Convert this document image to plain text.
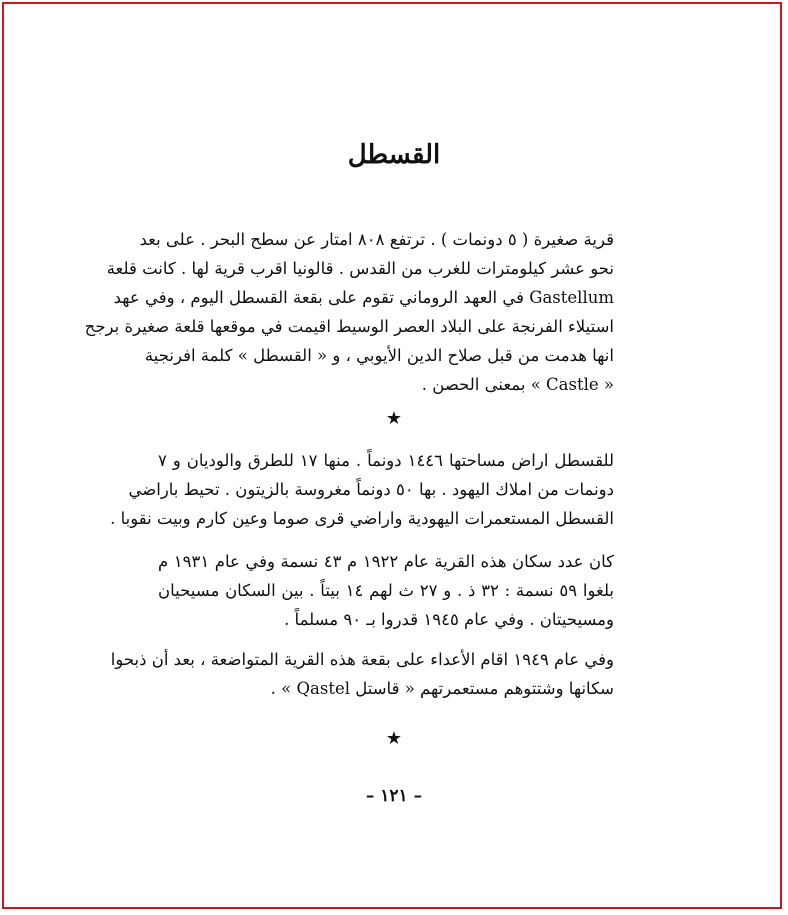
القسطل
قرية صغيرة ( ٥ دونمات ) . ترتفع ٨٠٨ امتار عن سطح البحر . على بعد
نحو عشر كيلومترات للغرب من القدس . قالونيا اقرب قرية لها . كانت قلعة
Gastellum في العهد الروماني تقوم على بقعة القسطل اليوم ، وفي عهد
استيلاء الفرنجة على البلاد العصر الوسيط اقيمت في موقعها قلعة صغيرة برجح
انها هدمت من قبل صلاح الدين الأيوبي ، و « القسطل » كلمة افرنجية
« Castle » بمعنى الحصن .
★
للقسطل اراض مساحتها ١٤٤٦ دونماً . منها ١٧ للطرق والوديان و ٧
دونمات من املاك اليهود . بها ٥٠ دونماً مغروسة بالزيتون . تحيط باراضي
القسطل المستعمرات اليهودية واراضي قرى صوما وعين كارم وبيت نقوبا .
كان عدد سكان هذه القرية عام ١٩٢٢ م ٤٣ نسمة وفي عام ١٩٣١ م
بلغوا ٥٩ نسمة : ٣٢ ذ . و ٢٧ ث لهم ١٤ بيتاً . بين السكان مسيحيان
ومسيحيتان . وفي عام ١٩٤٥ قدروا بـ ٩٠ مسلماً .
وفي عام ١٩٤٩ اقام الأعداء على بقعة هذه القرية المتواضعة ، بعد أن ذبحوا
سكانها وشتتوهم مستعمرتهم « قاستل Qastel » .
★
– ١٢١ –
